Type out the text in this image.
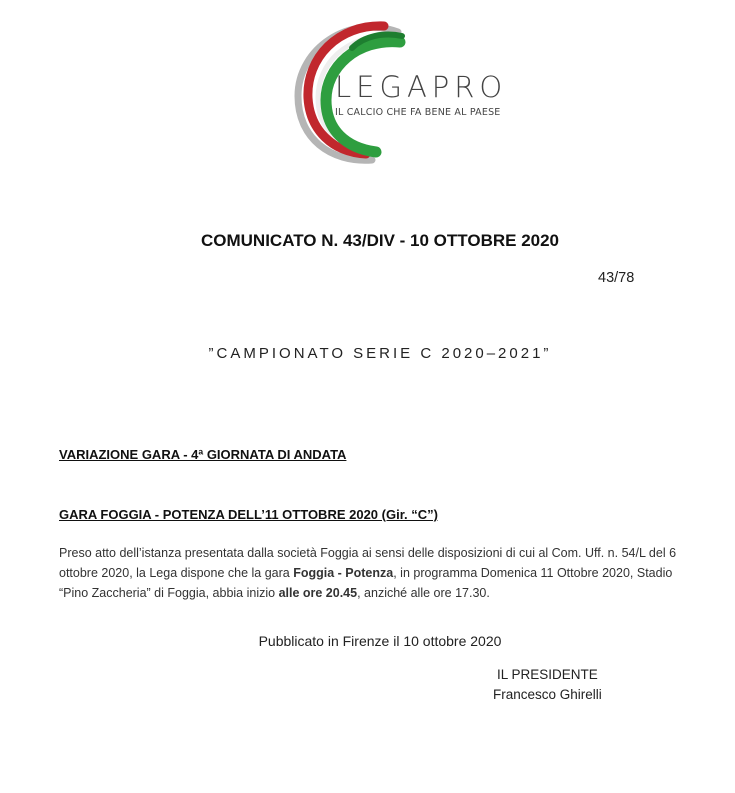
LEGAPRO
IL CALCIO CHE FA BENE AL PAESE
COMUNICATO N. 43/DIV - 10 OTTOBRE 2020
43/78
”CAMPIONATO SERIE C 2020–2021”
VARIAZIONE GARA - 4ª GIORNATA DI ANDATA
GARA FOGGIA - POTENZA DELL’11 OTTOBRE 2020 (Gir. “C”)
Preso atto dell’istanza presentata dalla società Foggia ai sensi delle disposizioni di cui al Com. Uff. n. 54/L del 6 ottobre 2020, la Lega dispone che la gara Foggia - Potenza, in programma Domenica 11 Ottobre 2020, Stadio “Pino Zaccheria” di Foggia, abbia inizio alle ore 20.45, anziché alle ore 17.30.
Pubblicato in Firenze il 10 ottobre 2020
IL PRESIDENTE
Francesco Ghirelli
